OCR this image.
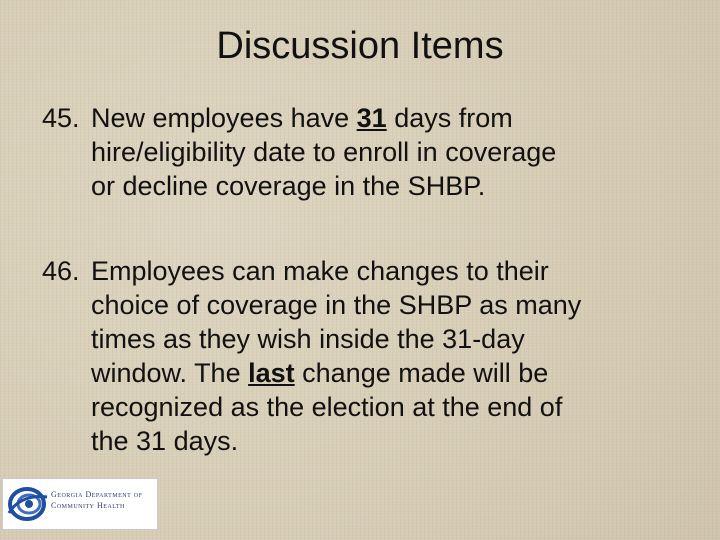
Discussion Items
45. New employees have 31 days from
hire/eligibility date to enroll in coverage
or decline coverage in the SHBP.
46. Employees can make changes to their
choice of coverage in the SHBP as many
times as they wish inside the 31-day
window. The last change made will be
recognized as the election at the end of
the 31 days.
Georgia Department of
Community Health
